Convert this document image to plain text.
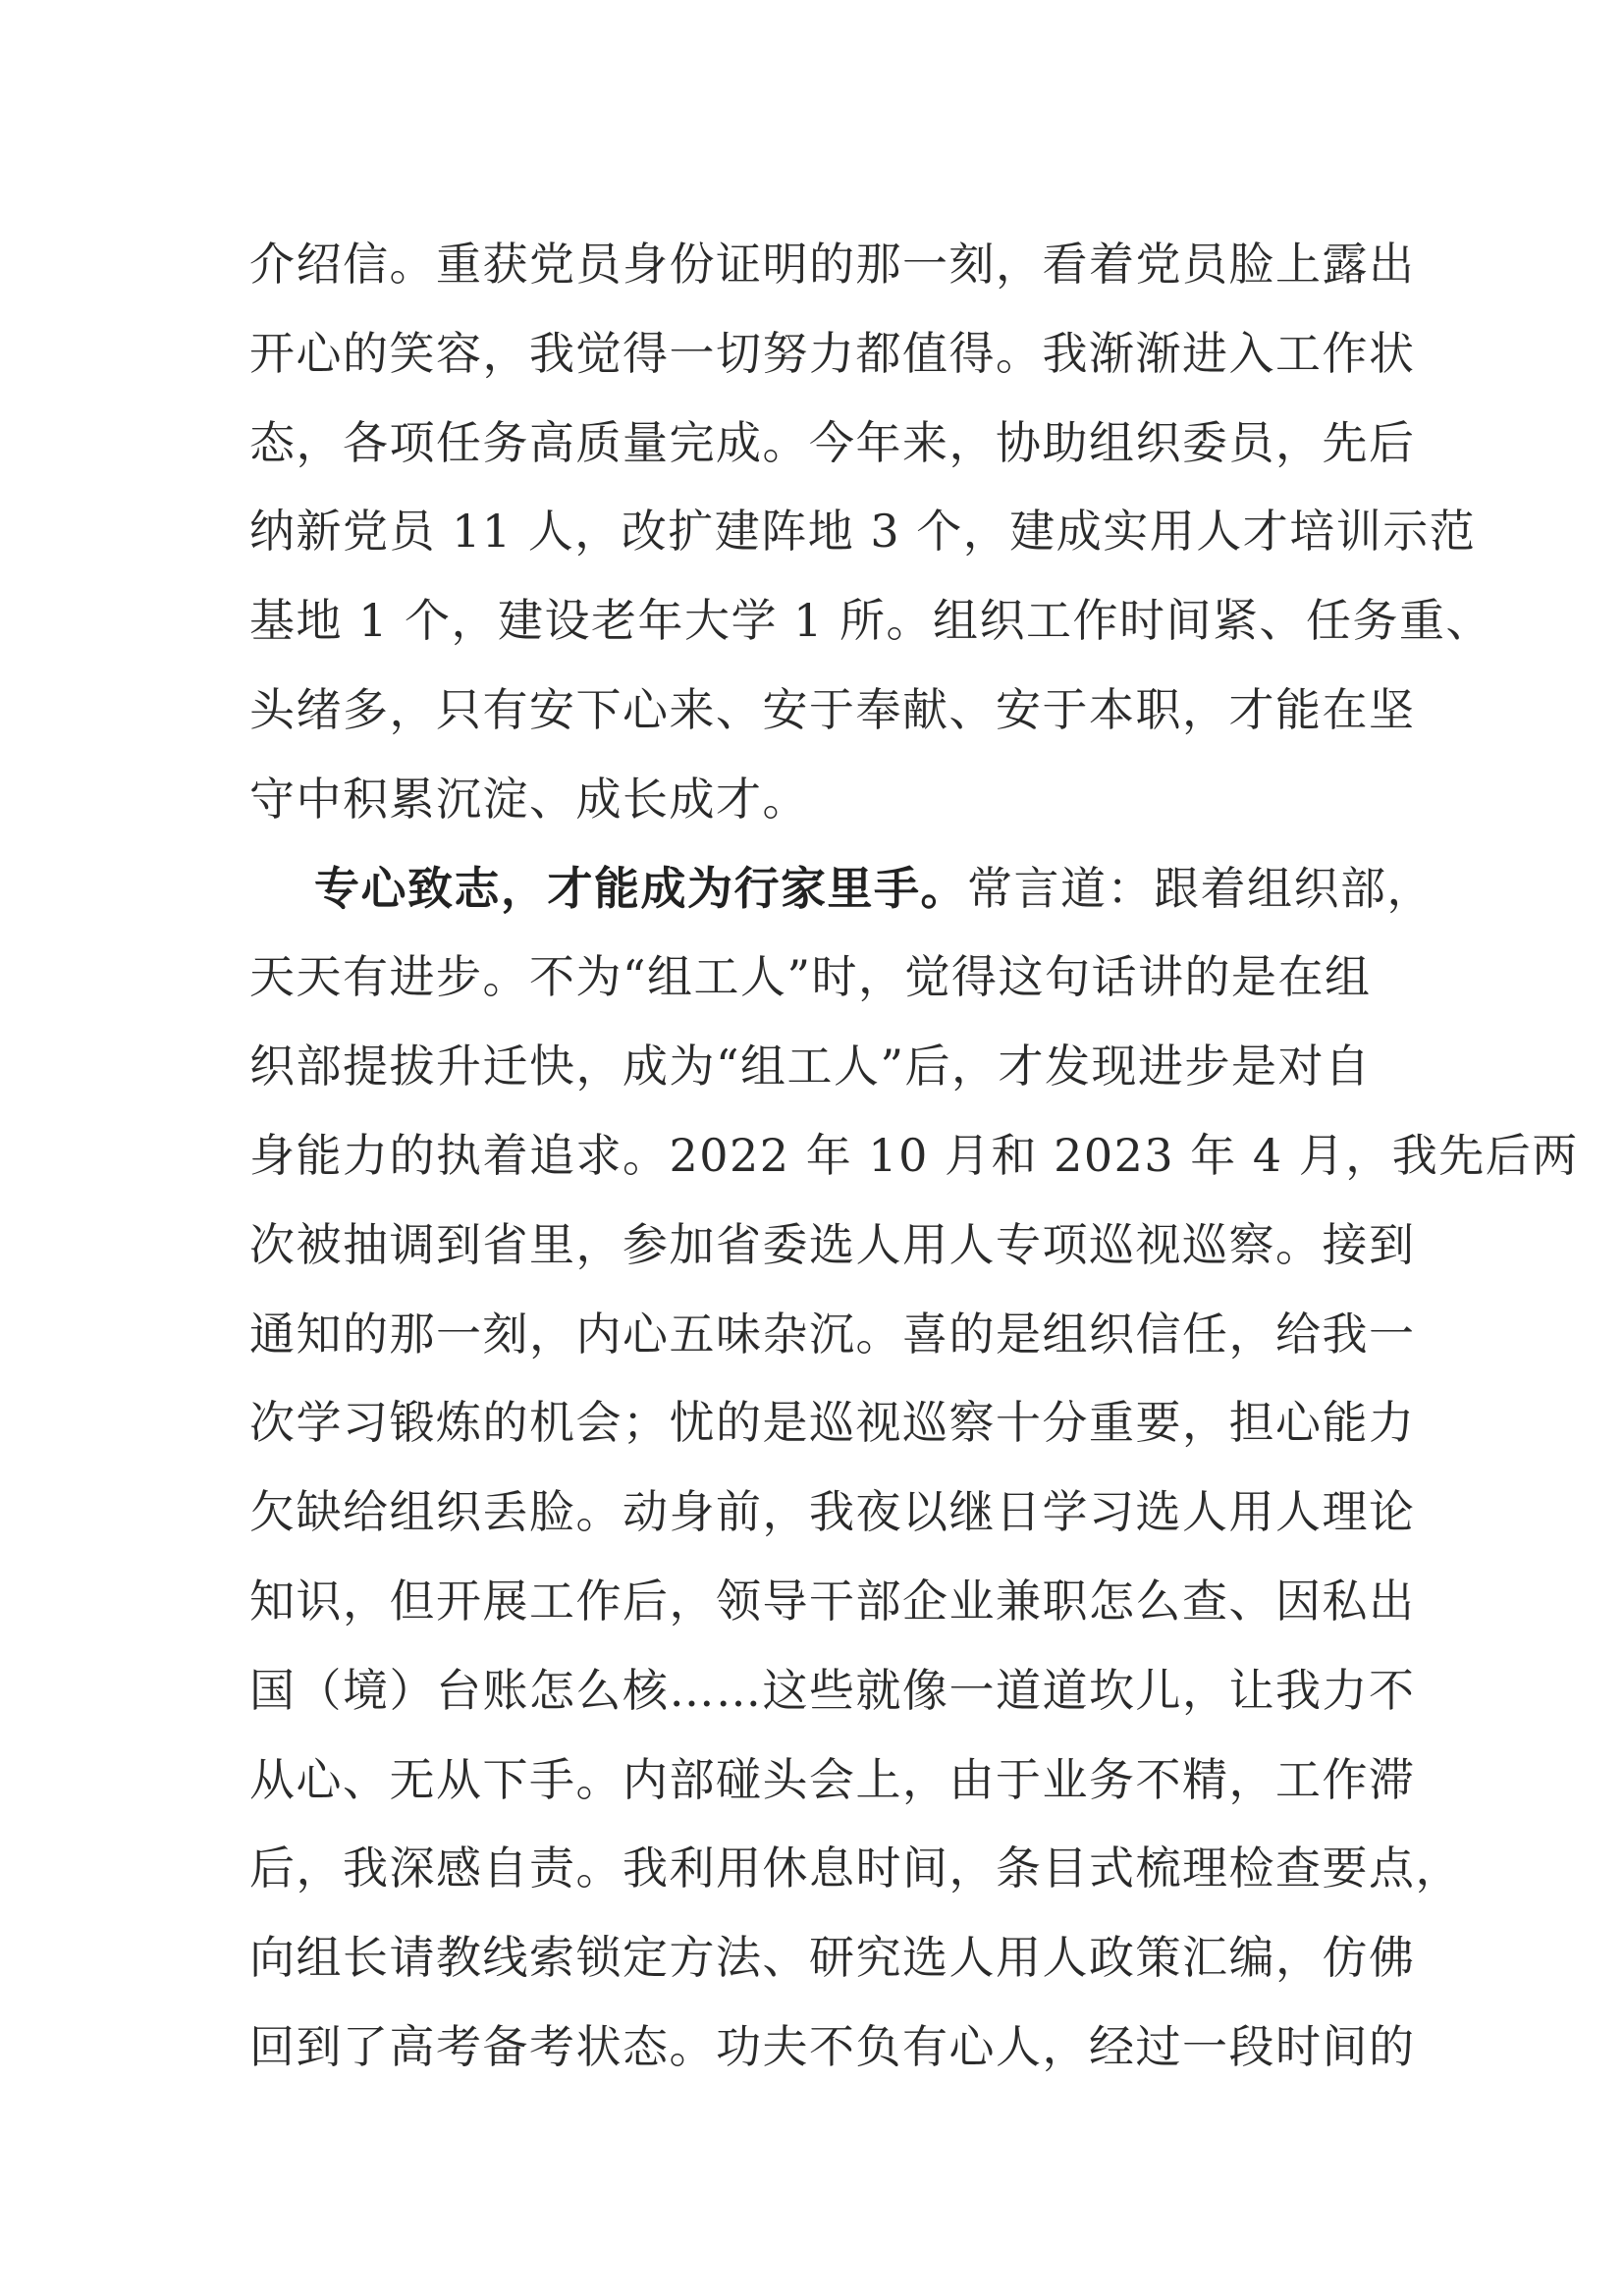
介绍信。重获党员身份证明的那一刻，看着党员脸上露出
开心的笑容，我觉得一切努力都值得。我渐渐进入工作状
态，各项任务高质量完成。今年来，协助组织委员，先后
纳新党员 11 人，改扩建阵地 3 个，建成实用人才培训示范
基地 1 个，建设老年大学 1 所。组织工作时间紧、任务重、
头绪多，只有安下心来、安于奉献、安于本职，才能在坚
守中积累沉淀、成长成才。
专心致志，才能成为行家里手。常言道：跟着组织部，
天天有进步。不为“组工人”时，觉得这句话讲的是在组
织部提拔升迁快，成为“组工人”后，才发现进步是对自
身能力的执着追求。2022 年 10 月和 2023 年 4 月，我先后两
次被抽调到省里，参加省委选人用人专项巡视巡察。接到
通知的那一刻，内心五味杂沉。喜的是组织信任，给我一
次学习锻炼的机会；忧的是巡视巡察十分重要，担心能力
欠缺给组织丢脸。动身前，我夜以继日学习选人用人理论
知识，但开展工作后，领导干部企业兼职怎么查、因私出
国（境）台账怎么核……这些就像一道道坎儿，让我力不
从心、无从下手。内部碰头会上，由于业务不精，工作滞
后，我深感自责。我利用休息时间，条目式梳理检查要点，
向组长请教线索锁定方法、研究选人用人政策汇编，仿佛
回到了高考备考状态。功夫不负有心人，经过一段时间的
